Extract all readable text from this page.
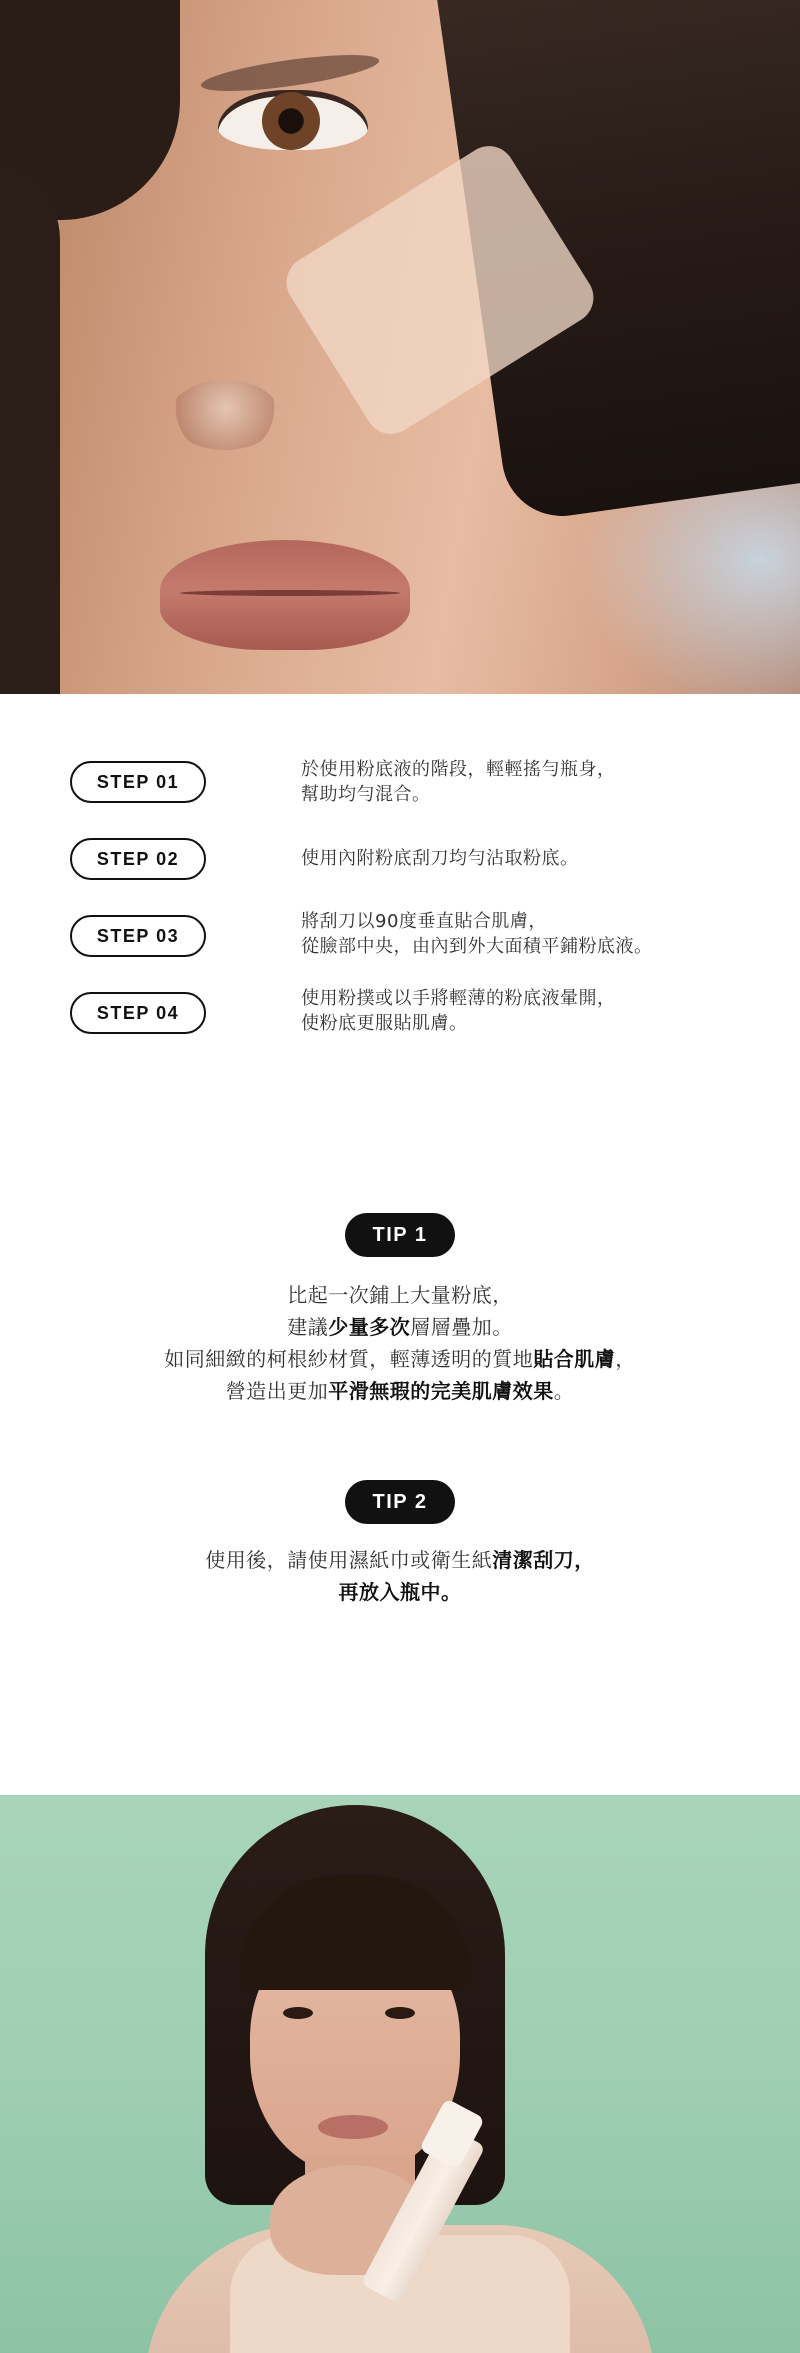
STEP 01
於使用粉底液的階段，輕輕搖勻瓶身，
幫助均勻混合。
STEP 02	使用內附粉底刮刀均勻沾取粉底。
STEP 03
將刮刀以90度垂直貼合肌膚，
從臉部中央，由內到外大面積平鋪粉底液。
STEP 04
使用粉撲或以手將輕薄的粉底液暈開，
使粉底更服貼肌膚。
TIP 1
比起一次鋪上大量粉底，
建議少量多次層層疊加。
如同細緻的柯根紗材質，輕薄透明的質地貼合肌膚，
營造出更加平滑無瑕的完美肌膚效果。
TIP 2
使用後，請使用濕紙巾或衛生紙清潔刮刀，
再放入瓶中。
